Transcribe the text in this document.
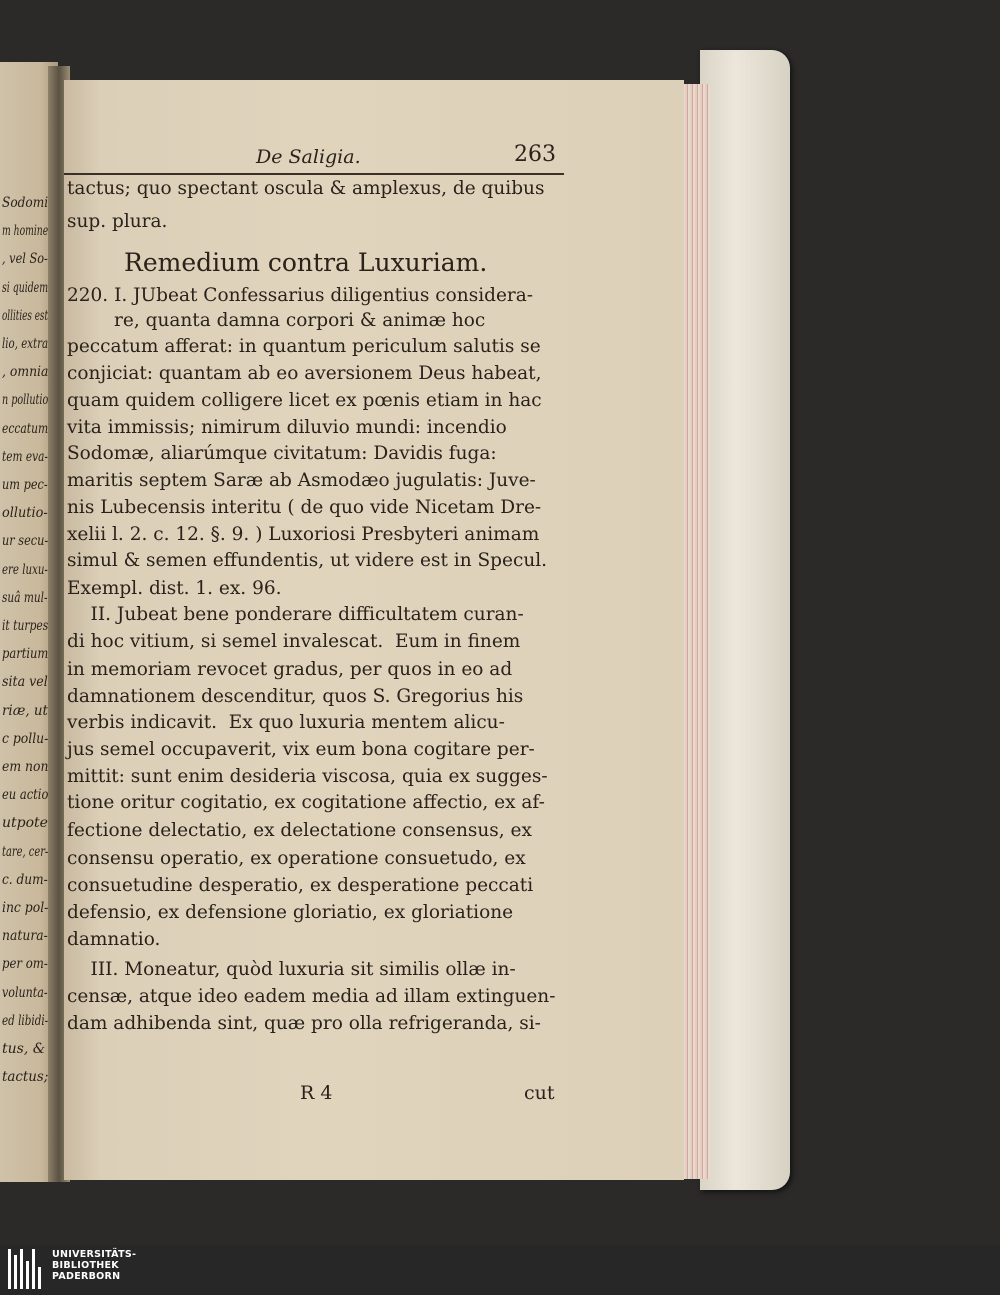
Sodomi
m homine
, vel So-
si quidem
ollities est
lio, extra
, omnia
n pollutio
eccatum
tem eva-
um pec-
ollutio-
ur secu-
ere luxu-
suâ mul-
it turpes
partium
sita vel
riæ, ut
c pollu-
em non
eu actio
utpote
tare, cer-
c. dum-
inc pol-
natura-
per om-
volunta-
ed libidi-
tus, &
tactus;
De Saligia.	263
Remedium contra Luxuriam.
tactus; quo spectant oscula & amplexus, de quibus
sup. plura.
220. I. JUbeat Confessarius diligentius considera-
re, quanta damna corpori & animæ hoc
peccatum afferat: in quantum periculum salutis se
conjiciat: quantam ab eo aversionem Deus habeat,
quam quidem colligere licet ex pœnis etiam in hac
vita immissis; nimirum diluvio mundi: incendio
Sodomæ, aliarúmque civitatum: Davidis fuga:
maritis septem Saræ ab Asmodæo jugulatis: Juve-
nis Lubecensis interitu ( de quo vide Nicetam Dre-
xelii l. 2. c. 12. §. 9. ) Luxoriosi Presbyteri animam
simul & semen effundentis, ut videre est in Specul.
Exempl. dist. 1. ex. 96.
II. Jubeat bene ponderare difficultatem curan-
di hoc vitium, si semel invalescat.  Eum in finem
in memoriam revocet gradus, per quos in eo ad
damnationem descenditur, quos S. Gregorius his
verbis indicavit.  Ex quo luxuria mentem alicu-
jus semel occupaverit, vix eum bona cogitare per-
mittit: sunt enim desideria viscosa, quia ex sugges-
tione oritur cogitatio, ex cogitatione affectio, ex af-
fectione delectatio, ex delectatione consensus, ex
consensu operatio, ex operatione consuetudo, ex
consuetudine desperatio, ex desperatione peccati
defensio, ex defensione gloriatio, ex gloriatione
damnatio.
III. Moneatur, quòd luxuria sit similis ollæ in-
censæ, atque ideo eadem media ad illam extinguen-
dam adhibenda sint, quæ pro olla refrigeranda, si-
R 4	cut
UNIVERSITÄTS-
BIBLIOTHEK
PADERBORN
